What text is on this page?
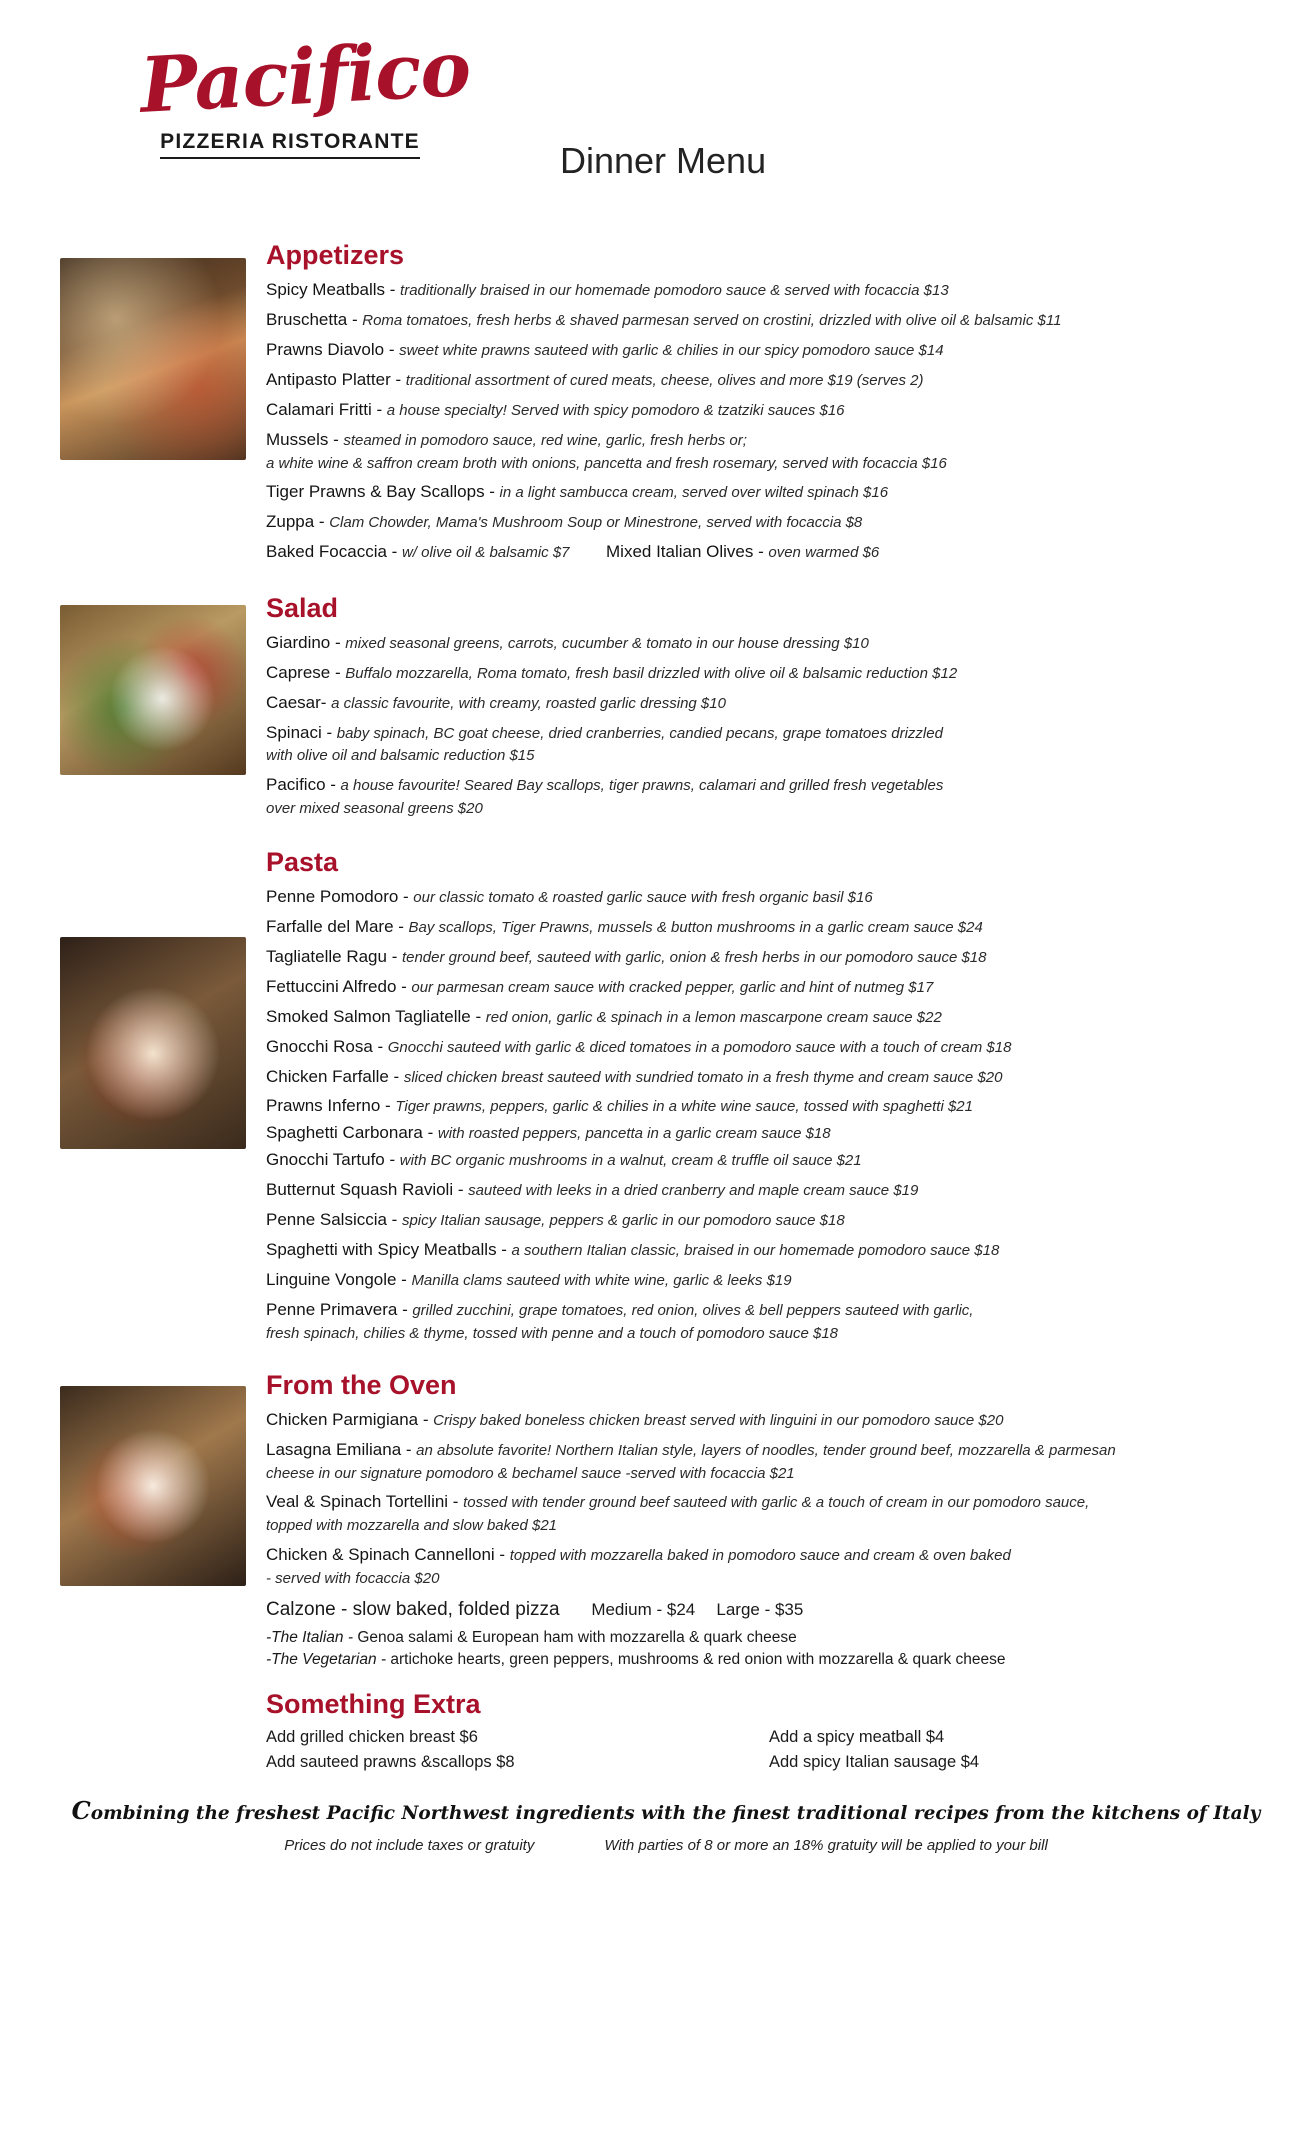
Pacifico
PIZZERIA RISTORANTE	Dinner Menu
Appetizers
Spicy Meatballs - traditionally braised in our homemade pomodoro sauce & served with focaccia $13
Bruschetta - Roma tomatoes, fresh herbs & shaved parmesan served on crostini, drizzled with olive oil & balsamic $11
Prawns Diavolo - sweet white prawns sauteed with garlic & chilies in our spicy pomodoro sauce $14
Antipasto Platter - traditional assortment of cured meats, cheese, olives and more $19 (serves 2)
Calamari Fritti - a house specialty! Served with spicy pomodoro & tzatziki sauces $16
Mussels - steamed in pomodoro sauce, red wine, garlic, fresh herbs or;
a white wine & saffron cream broth with onions, pancetta and fresh rosemary, served with focaccia $16
Tiger Prawns & Bay Scallops - in a light sambucca cream, served over wilted spinach $16
Zuppa - Clam Chowder, Mama's Mushroom Soup or Minestrone, served with focaccia $8
Baked Focaccia - w/ olive oil & balsamic $7	Mixed Italian Olives - oven warmed $6
Salad
Giardino - mixed seasonal greens, carrots, cucumber & tomato in our house dressing $10
Caprese - Buffalo mozzarella, Roma tomato, fresh basil drizzled with olive oil & balsamic reduction $12
Caesar- a classic favourite, with creamy, roasted garlic dressing $10
Spinaci - baby spinach, BC goat cheese, dried cranberries, candied pecans, grape tomatoes drizzled
with olive oil and balsamic reduction $15
Pacifico - a house favourite! Seared Bay scallops, tiger prawns, calamari and grilled fresh vegetables
over mixed seasonal greens $20
Pasta
Penne Pomodoro - our classic tomato & roasted garlic sauce with fresh organic basil $16
Farfalle del Mare - Bay scallops, Tiger Prawns, mussels & button mushrooms in a garlic cream sauce $24
Tagliatelle Ragu - tender ground beef, sauteed with garlic, onion & fresh herbs in our pomodoro sauce $18
Fettuccini Alfredo - our parmesan cream sauce with cracked pepper, garlic and hint of nutmeg $17
Smoked Salmon Tagliatelle - red onion, garlic & spinach in a lemon mascarpone cream sauce $22
Gnocchi Rosa - Gnocchi sauteed with garlic & diced tomatoes in a pomodoro sauce with a touch of cream $18
Chicken Farfalle - sliced chicken breast sauteed with sundried tomato in a fresh thyme and cream sauce $20
Prawns Inferno - Tiger prawns, peppers, garlic & chilies in a white wine sauce, tossed with spaghetti $21
Spaghetti Carbonara - with roasted peppers, pancetta in a garlic cream sauce $18
Gnocchi Tartufo - with BC organic mushrooms in a walnut, cream & truffle oil sauce $21
Butternut Squash Ravioli - sauteed with leeks in a dried cranberry and maple cream sauce $19
Penne Salsiccia - spicy Italian sausage, peppers & garlic in our pomodoro sauce $18
Spaghetti with Spicy Meatballs - a southern Italian classic, braised in our homemade pomodoro sauce $18
Linguine Vongole - Manilla clams sauteed with white wine, garlic & leeks $19
Penne Primavera - grilled zucchini, grape tomatoes, red onion, olives & bell peppers sauteed with garlic,
fresh spinach, chilies & thyme, tossed with penne and a touch of pomodoro sauce $18
From the Oven
Chicken Parmigiana - Crispy baked boneless chicken breast served with linguini in our pomodoro sauce $20
Lasagna Emiliana - an absolute favorite! Northern Italian style, layers of noodles, tender ground beef, mozzarella & parmesan
cheese in our signature pomodoro & bechamel sauce -served with focaccia $21
Veal & Spinach Tortellini - tossed with tender ground beef sauteed with garlic & a touch of cream in our pomodoro sauce,
topped with mozzarella and slow baked $21
Chicken & Spinach Cannelloni - topped with mozzarella baked in pomodoro sauce and cream & oven baked
- served with focaccia $20
Calzone - slow baked, folded pizza Medium - $24 Large - $35
-The Italian - Genoa salami & European ham with mozzarella & quark cheese
-The Vegetarian - artichoke hearts, green peppers, mushrooms & red onion with mozzarella & quark cheese
Something Extra
Add grilled chicken breast $6	Add a spicy meatball $4
Add sauteed prawns &scallops $8	Add spicy Italian sausage $4
Combining the freshest Pacific Northwest ingredients with the finest traditional recipes from the kitchens of Italy
Prices do not include taxes or gratuity	With parties of 8 or more an 18% gratuity will be applied to your bill
